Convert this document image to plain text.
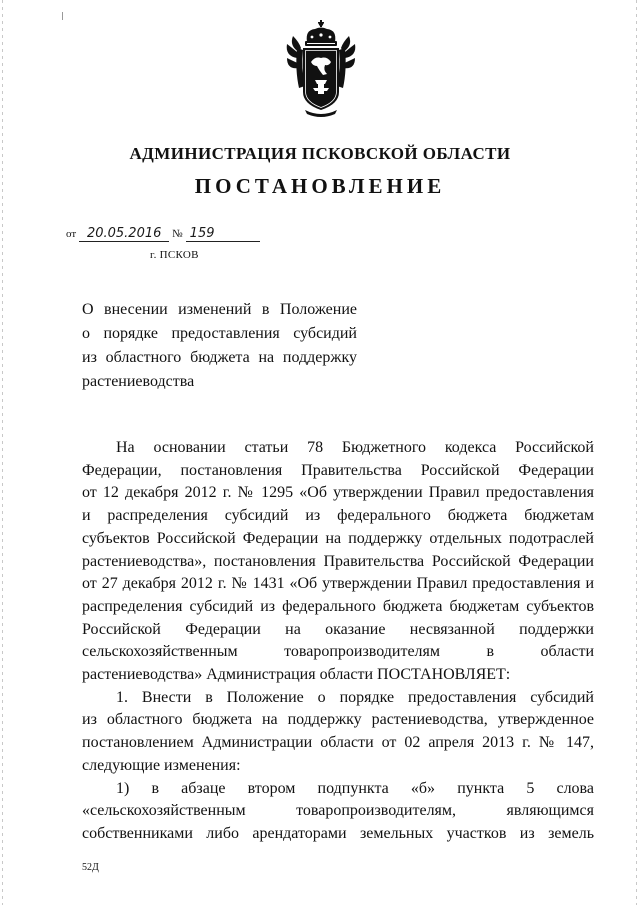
АДМИНИСТРАЦИЯ ПСКОВСКОЙ ОБЛАСТИ
ПОСТАНОВЛЕНИЕ
от 20.05.2016 № 159
г. ПСКОВ
О внесении изменений в Положение
о порядке предоставления субсидий
из областного бюджета на поддержку
растениеводства
На основании статьи 78 Бюджетного кодекса Российской
Федерации, постановления Правительства Российской Федерации
от 12 декабря 2012 г. № 1295 «Об утверждении Правил предоставления
и распределения субсидий из федерального бюджета бюджетам
субъектов Российской Федерации на поддержку отдельных подотраслей
растениеводства», постановления Правительства Российской Федерации
от 27 декабря 2012 г. № 1431 «Об утверждении Правил предоставления и
распределения субсидий из федерального бюджета бюджетам субъектов
Российской Федерации на оказание несвязанной поддержки
сельскохозяйственным товаропроизводителям в области
растениеводства» Администрация области ПОСТАНОВЛЯЕТ:
1. Внести в Положение о порядке предоставления субсидий
из областного бюджета на поддержку растениеводства, утвержденное
постановлением Администрации области от 02 апреля 2013 г. № 147,
следующие изменения:
1) в абзаце втором подпункта «б» пункта 5 слова
«сельскохозяйственным товаропроизводителям, являющимся
собственниками либо арендаторами земельных участков из земель
52Д
